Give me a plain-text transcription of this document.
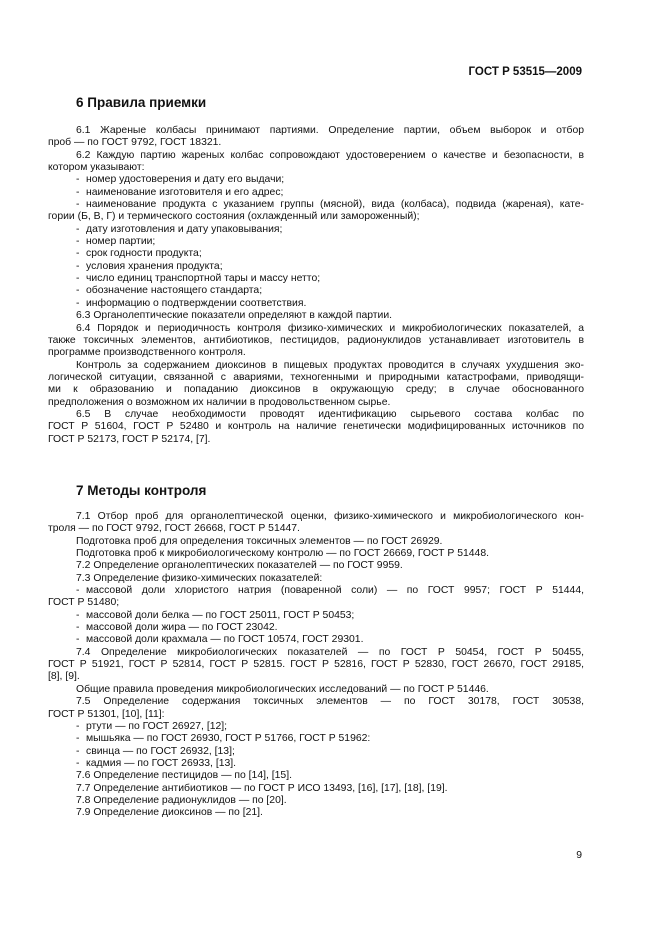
ГОСТ Р 53515—2009
6 Правила приемки

6.1 Жареные колбасы принимают партиями. Определение партии, объем выборок и отбор

проб — по ГОСТ 9792, ГОСТ 18321.

6.2 Каждую партию жареных колбас сопровождают удостоверением о качестве и безопасности, в

котором указывают:

- номер удостоверения и дату его выдачи;

- наименование изготовителя и его адрес;

- наименование продукта с указанием группы (мясной), вида (колбаса), подвида (жареная), кате-

гории (Б, В, Г) и термического состояния (охлажденный или замороженный);

- дату изготовления и дату упаковывания;

- номер партии;

- срок годности продукта;

- условия хранения продукта;

- число единиц транспортной тары и массу нетто;

- обозначение настоящего стандарта;

- информацию о подтверждении соответствия.

6.3 Органолептические показатели определяют в каждой партии.

6.4 Порядок и периодичность контроля физико-химических и микробиологических показателей, а

также токсичных элементов, антибиотиков, пестицидов, радионуклидов устанавливает изготовитель в

программе производственного контроля.

Контроль за содержанием диоксинов в пищевых продуктах проводится в случаях ухудшения эко-

логической ситуации, связанной с авариями, техногенными и природными катастрофами, приводящи-

ми к образованию и попаданию диоксинов в окружающую среду; в случае обоснованного

предположения о возможном их наличии в продовольственном сырье.

6.5 В случае необходимости проводят идентификацию сырьевого состава колбас по

ГОСТ Р 51604, ГОСТ Р 52480 и контроль на наличие генетически модифицированных источников по

ГОСТ Р 52173, ГОСТ Р 52174, [7].

7 Методы контроля

7.1 Отбор проб для органолептической оценки, физико-химического и микробиологического кон-

троля — по ГОСТ 9792, ГОСТ 26668, ГОСТ Р 51447.

Подготовка проб для определения токсичных элементов — по ГОСТ 26929.

Подготовка проб к микробиологическому контролю — по ГОСТ 26669, ГОСТ Р 51448.

7.2 Определение органолептических показателей — по ГОСТ 9959.

7.3 Определение физико-химических показателей:

- массовой доли хлористого натрия (поваренной соли) — по ГОСТ 9957; ГОСТ Р 51444,

ГОСТ Р 51480;

- массовой доли белка — по ГОСТ 25011, ГОСТ Р 50453;

- массовой доли жира — по ГОСТ 23042.

- массовой доли крахмала — по ГОСТ 10574, ГОСТ 29301.

7.4 Определение микробиологических показателей — по ГОСТ Р 50454, ГОСТ Р 50455,

ГОСТ Р 51921, ГОСТ Р 52814, ГОСТ Р 52815. ГОСТ Р 52816, ГОСТ Р 52830, ГОСТ 26670, ГОСТ 29185,

[8], [9].

Общие правила проведения микробиологических исследований — по ГОСТ Р 51446.

7.5 Определение содержания токсичных элементов — по ГОСТ 30178, ГОСТ 30538,

ГОСТ Р 51301, [10], [11]:

- ртути — по ГОСТ 26927, [12];

- мышьяка — по ГОСТ 26930, ГОСТ Р 51766, ГОСТ Р 51962:

- свинца — по ГОСТ 26932, [13];

- кадмия — по ГОСТ 26933, [13].

7.6 Определение пестицидов — по [14], [15].

7.7 Определение антибиотиков — по ГОСТ Р ИСО 13493, [16], [17], [18], [19].

7.8 Определение радионуклидов — по [20].

7.9 Определение диоксинов — по [21].

9
